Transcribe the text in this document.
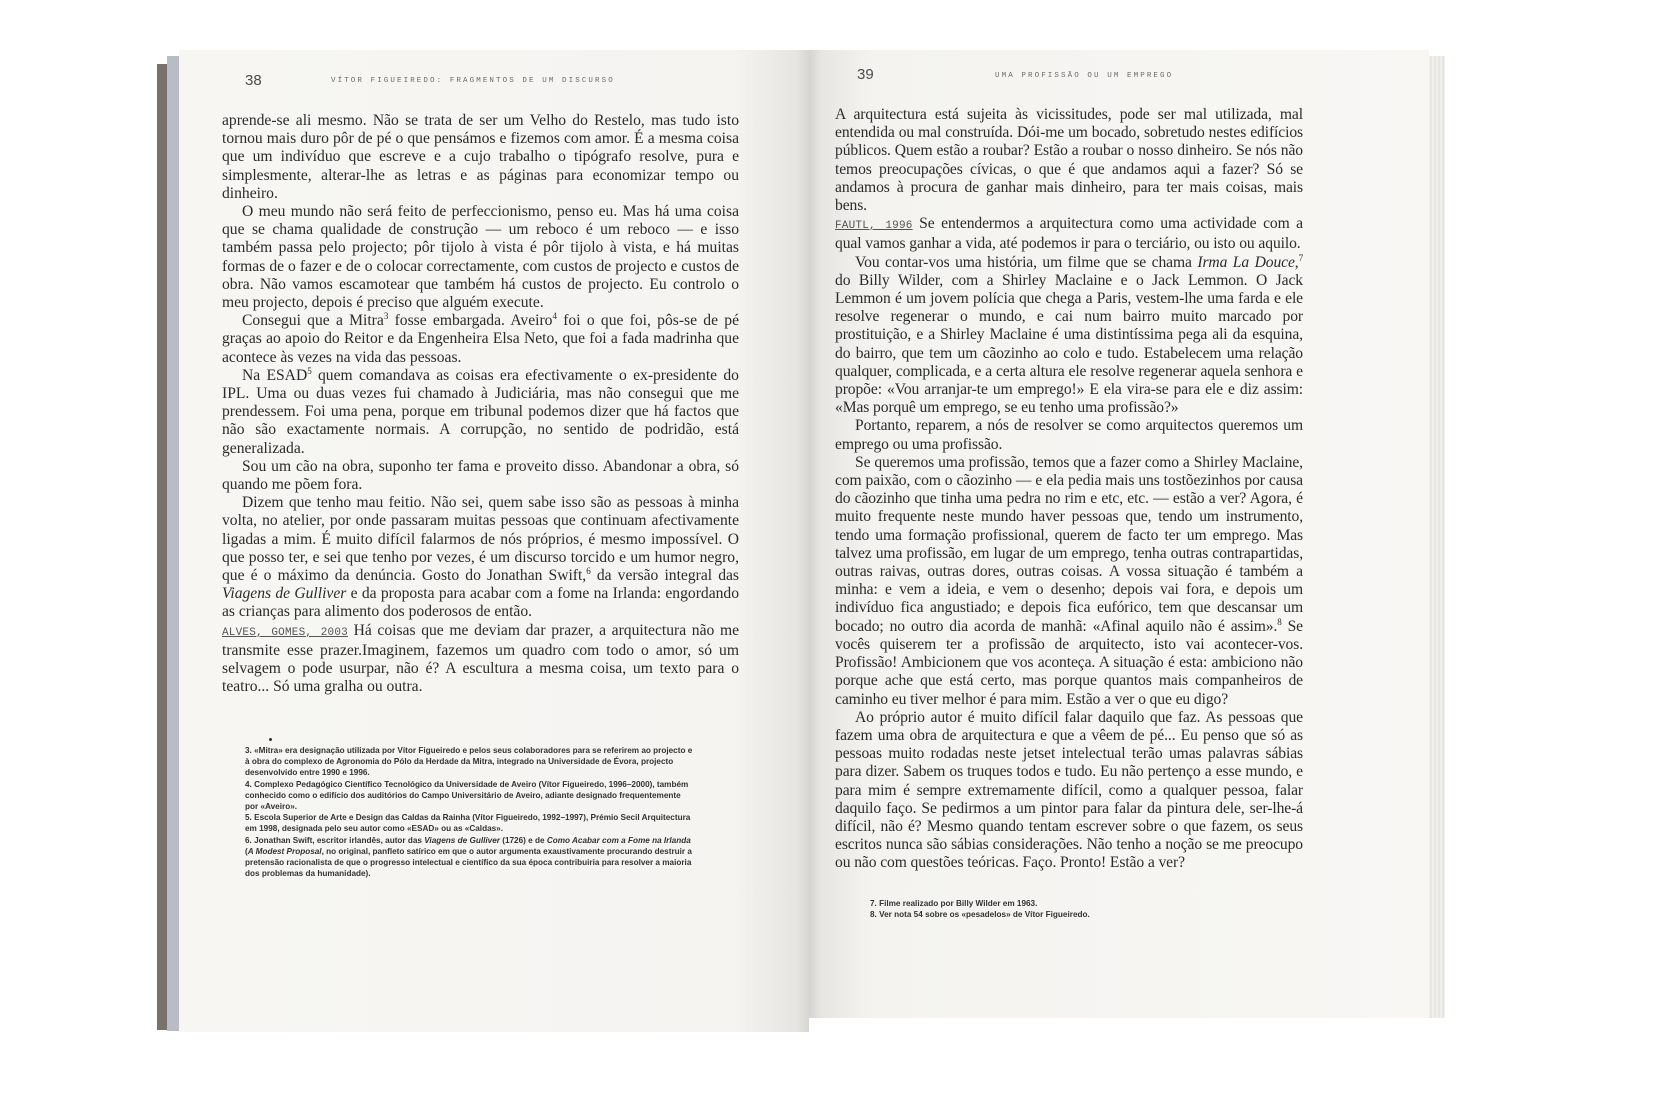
38	VÍTOR FIGUEIREDO: FRAGMENTOS DE UM DISCURSO

aprende-se ali mesmo. Não se trata de ser um Velho do Restelo, mas tudo isto tornou mais duro pôr de pé o que pensámos e fizemos com amor. É a mesma coisa que um indivíduo que escreve e a cujo trabalho o tipógrafo resolve, pura e simplesmente, alterar-lhe as letras e as páginas para economizar tempo ou dinheiro.

O meu mundo não será feito de perfeccionismo, penso eu. Mas há uma coisa que se chama qualidade de construção — um reboco é um reboco — e isso também passa pelo projecto; pôr tijolo à vista é pôr tijolo à vista, e há muitas formas de o fazer e de o colocar correctamente, com custos de projecto e custos de obra. Não vamos escamotear que também há custos de projecto. Eu controlo o meu projecto, depois é preciso que alguém execute.

Consegui que a Mitra$^3$ fosse embargada. Aveiro$^4$ foi o que foi, pôs-se de pé graças ao apoio do Reitor e da Engenheira Elsa Neto, que foi a fada madrinha que acontece às vezes na vida das pessoas.

Na ESAD$^5$ quem comandava as coisas era efectivamente o ex-presidente do IPL. Uma ou duas vezes fui chamado à Judiciária, mas não consegui que me prendessem. Foi uma pena, porque em tribunal podemos dizer que há factos que não são exactamente normais. A corrupção, no sentido de podridão, está generalizada.

Sou um cão na obra, suponho ter fama e proveito disso. Abandonar a obra, só quando me põem fora.

Dizem que tenho mau feitio. Não sei, quem sabe isso são as pessoas à minha volta, no atelier, por onde passaram muitas pessoas que continuam afectivamente ligadas a mim. É muito difícil falarmos de nós próprios, é mesmo impossível. O que posso ter, e sei que tenho por vezes, é um discurso torcido e um humor negro, que é o máximo da denúncia. Gosto do Jonathan Swift,$^6$ da versão integral das Viagens de Gulliver e da proposta para acabar com a fome na Irlanda: engordando as crianças para alimento dos poderosos de então.

ALVES, GOMES, 2003 Há coisas que me deviam dar prazer, a arquitectura não me transmite esse prazer.Imaginem, fazemos um quadro com todo o amor, só um selvagem o pode usurpar, não é? A escultura a mesma coisa, um texto para o teatro... Só uma gralha ou outra.

3. «Mitra» era designação utilizada por Vítor Figueiredo e pelos seus colaboradores para se referirem ao projecto e à obra do complexo de Agronomia do Pólo da Herdade da Mitra, integrado na Universidade de Évora, projecto desenvolvido entre 1990 e 1996.

4. Complexo Pedagógico Científico Tecnológico da Universidade de Aveiro (Vítor Figueiredo, 1996–2000), também conhecido como o edifício dos auditórios do Campo Universitário de Aveiro, adiante designado frequentemente por «Aveiro».

5. Escola Superior de Arte e Design das Caldas da Rainha (Vítor Figueiredo, 1992–1997), Prémio Secil Arquitectura em 1998, designada pelo seu autor como «ESAD» ou as «Caldas».

6. Jonathan Swift, escritor irlandês, autor das Viagens de Gulliver (1726) e de Como Acabar com a Fome na Irlanda (A Modest Proposal, no original, panfleto satírico em que o autor argumenta exaustivamente procurando destruir a pretensão racionalista de que o progresso intelectual e científico da sua época contribuiria para resolver a maioria dos problemas da humanidade).

39	UMA PROFISSÃO OU UM EMPREGO

A arquitectura está sujeita às vicissitudes, pode ser mal utilizada, mal entendida ou mal construída. Dói-me um bocado, sobretudo nestes edifícios públicos. Quem estão a roubar? Estão a roubar o nosso dinheiro. Se nós não temos preocupações cívicas, o que é que andamos aqui a fazer? Só se andamos à procura de ganhar mais dinheiro, para ter mais coisas, mais bens.

FAUTL, 1996 Se entendermos a arquitectura como uma actividade com a qual vamos ganhar a vida, até podemos ir para o terciário, ou isto ou aquilo.

Vou contar-vos uma história, um filme que se chama Irma La Douce,$^7$ do Billy Wilder, com a Shirley Maclaine e o Jack Lemmon. O Jack Lemmon é um jovem polícia que chega a Paris, vestem-lhe uma farda e ele resolve regenerar o mundo, e cai num bairro muito marcado por prostituição, e a Shirley Maclaine é uma distintíssima pega ali da esquina, do bairro, que tem um cãozinho ao colo e tudo. Estabelecem uma relação qualquer, complicada, e a certa altura ele resolve regenerar aquela senhora e propõe: «Vou arranjar-te um emprego!» E ela vira-se para ele e diz assim: «Mas porquê um emprego, se eu tenho uma profissão?»

Portanto, reparem, a nós de resolver se como arquitectos queremos um emprego ou uma profissão.

Se queremos uma profissão, temos que a fazer como a Shirley Maclaine, com paixão, com o cãozinho — e ela pedia mais uns tostõezinhos por causa do cãozinho que tinha uma pedra no rim e etc, etc. — estão a ver? Agora, é muito frequente neste mundo haver pessoas que, tendo um instrumento, tendo uma formação profissional, querem de facto ter um emprego. Mas talvez uma profissão, em lugar de um emprego, tenha outras contrapartidas, outras raivas, outras dores, outras coisas. A vossa situação é também a minha: e vem a ideia, e vem o desenho; depois vai fora, e depois um indivíduo fica angustiado; e depois fica eufórico, tem que descansar um bocado; no outro dia acorda de manhã: «Afinal aquilo não é assim».$^8$ Se vocês quiserem ter a profissão de arquitecto, isto vai acontecer-vos. Profissão! Ambicionem que vos aconteça. A situação é esta: ambiciono não porque ache que está certo, mas porque quantos mais companheiros de caminho eu tiver melhor é para mim. Estão a ver o que eu digo?

Ao próprio autor é muito difícil falar daquilo que faz. As pessoas que fazem uma obra de arquitectura e que a vêem de pé... Eu penso que só as pessoas muito rodadas neste jetset intelectual terão umas palavras sábias para dizer. Sabem os truques todos e tudo. Eu não pertenço a esse mundo, e para mim é sempre extremamente difícil, como a qualquer pessoa, falar daquilo faço. Se pedirmos a um pintor para falar da pintura dele, ser-lhe-á difícil, não é? Mesmo quando tentam escrever sobre o que fazem, os seus escritos nunca são sábias considerações. Não tenho a noção se me preocupo ou não com questões teóricas. Faço. Pronto! Estão a ver?

7. Filme realizado por Billy Wilder em 1963.

8. Ver nota 54 sobre os «pesadelos» de Vítor Figueiredo.
